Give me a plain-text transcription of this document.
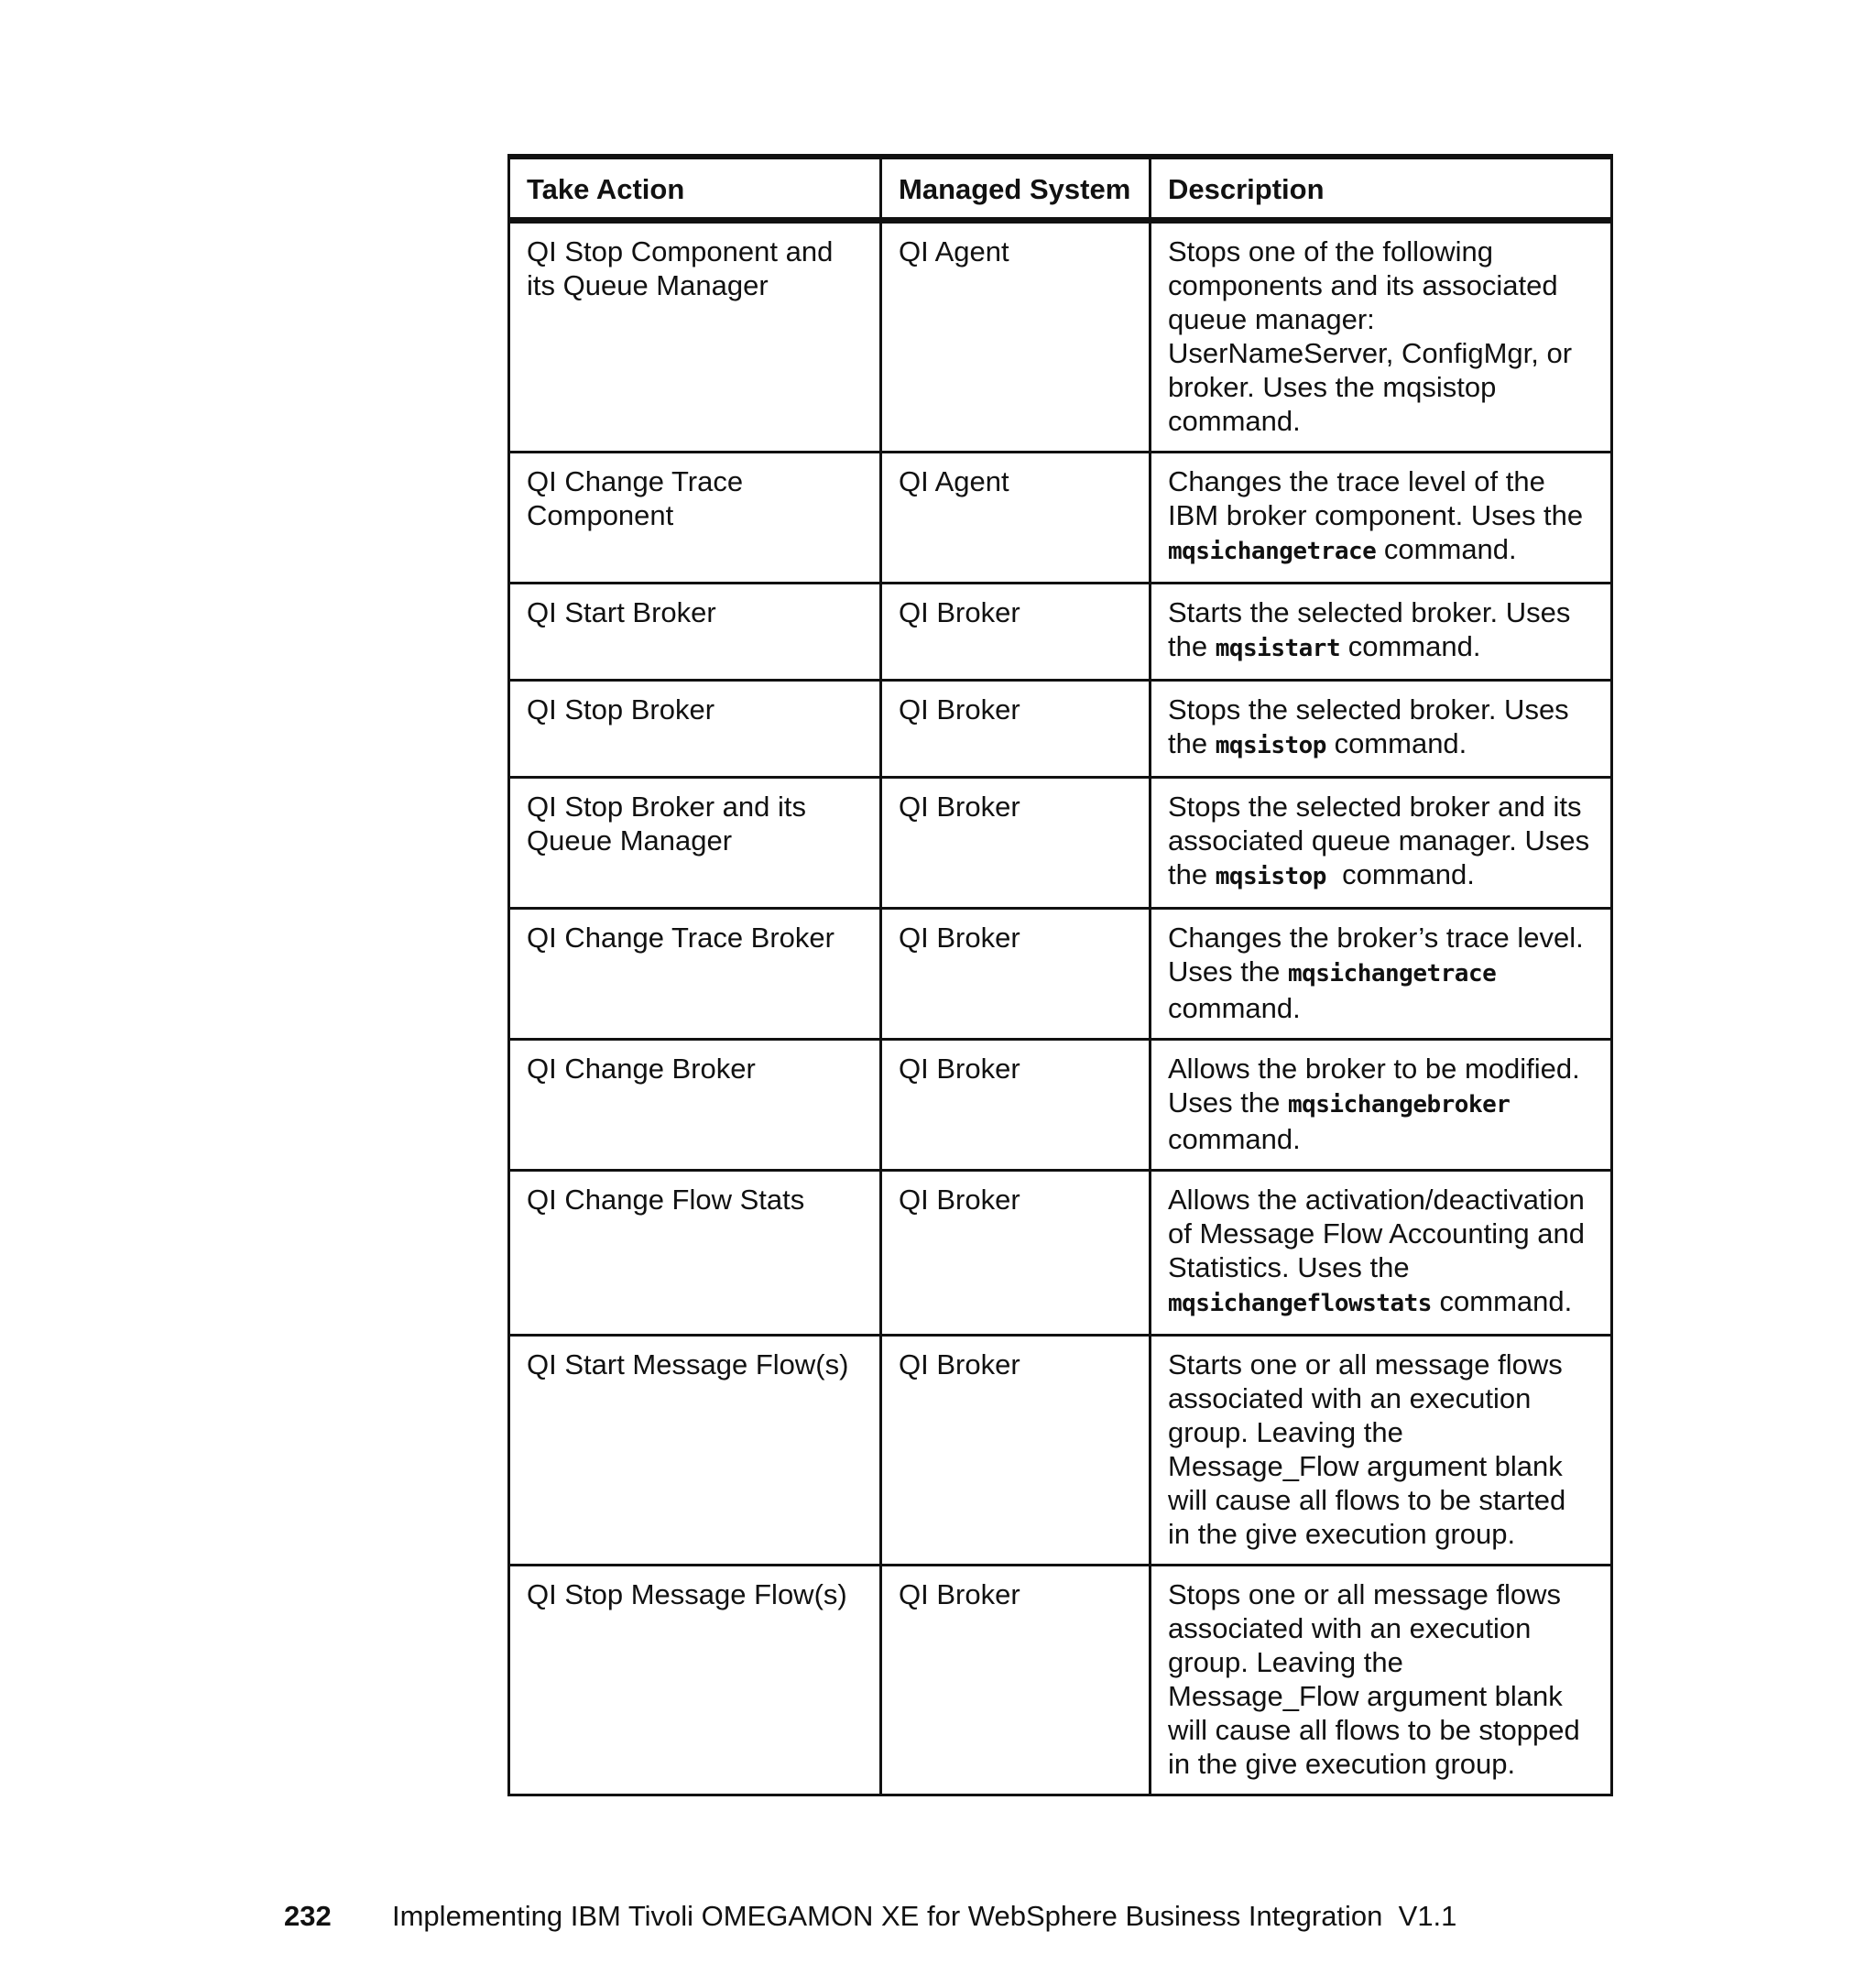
Take Action	Managed System	Description
QI Stop Component and its Queue Manager	QI Agent	Stops one of the following components and its associated queue manager: UserNameServer, ConfigMgr, or broker. Uses the mqsistop command.
QI Change Trace Component	QI Agent	Changes the trace level of the IBM broker component. Uses the mqsichangetrace command.
QI Start Broker	QI Broker	Starts the selected broker. Uses the mqsistart command.
QI Stop Broker	QI Broker	Stops the selected broker. Uses the mqsistop command.
QI Stop Broker and its Queue Manager	QI Broker	Stops the selected broker and its associated queue manager. Uses the mqsistop  command.
QI Change Trace Broker	QI Broker	Changes the broker’s trace level. Uses the mqsichangetrace command.
QI Change Broker	QI Broker	Allows the broker to be modified. Uses the mqsichangebroker command.
QI Change Flow Stats	QI Broker	Allows the activation/deactivation of Message Flow Accounting and Statistics. Uses the mqsichangeflowstats command.
QI Start Message Flow(s)	QI Broker	Starts one or all message flows associated with an execution group. Leaving the Message_Flow argument blank will cause all flows to be started in the give execution group.
QI Stop Message Flow(s)	QI Broker	Stops one or all message flows associated with an execution group. Leaving the Message_Flow argument blank will cause all flows to be stopped in the give execution group.
232 Implementing IBM Tivoli OMEGAMON XE for WebSphere Business Integration  V1.1
